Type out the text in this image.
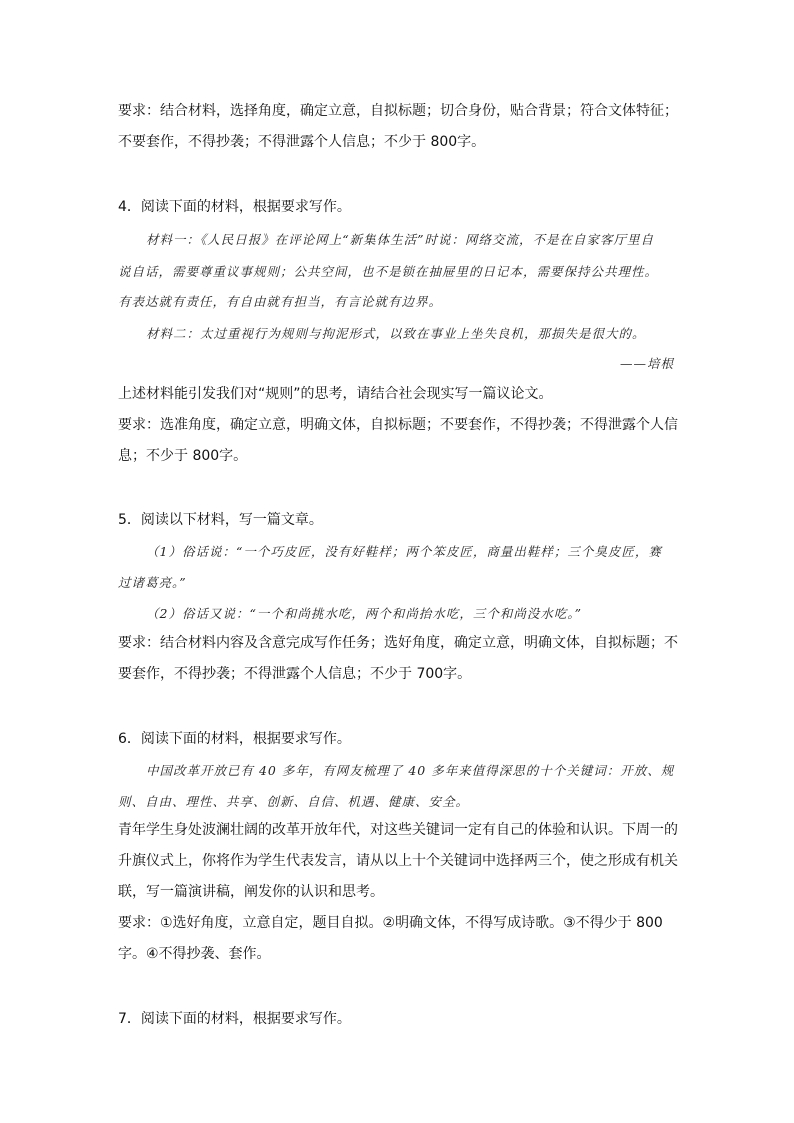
要求：结合材料，选择角度，确定立意，自拟标题；切合身份，贴合背景；符合文体特征；
不要套作，不得抄袭；不得泄露个人信息；不少于 800字。
4．阅读下面的材料，根据要求写作。
材料一：《人民日报》在评论网上“新集体生活”时说：网络交流，不是在自家客厅里自
说自话，需要尊重议事规则；公共空间，也不是锁在抽屉里的日记本，需要保持公共理性。
有表达就有责任，有自由就有担当，有言论就有边界。
材料二：太过重视行为规则与拘泥形式，以致在事业上坐失良机，那损失是很大的。
——培根
上述材料能引发我们对“规则”的思考，请结合社会现实写一篇议论文。
要求：选准角度，确定立意，明确文体，自拟标题；不要套作，不得抄袭；不得泄露个人信
息；不少于 800字。
5．阅读以下材料，写一篇文章。
（1）俗话说：“一个巧皮匠，没有好鞋样；两个笨皮匠，商量出鞋样；三个臭皮匠，赛
过诸葛亮。”
（2）俗话又说：“一个和尚挑水吃，两个和尚抬水吃，三个和尚没水吃。”
要求：结合材料内容及含意完成写作任务；选好角度，确定立意，明确文体，自拟标题；不
要套作，不得抄袭；不得泄露个人信息；不少于 700字。
6．阅读下面的材料，根据要求写作。
中国改革开放已有 40 多年，有网友梳理了 40 多年来值得深思的十个关键词：开放、规
则、自由、理性、共享、创新、自信、机遇、健康、安全。
青年学生身处波澜壮阔的改革开放年代，对这些关键词一定有自己的体验和认识。下周一的
升旗仪式上，你将作为学生代表发言，请从以上十个关键词中选择两三个，使之形成有机关
联，写一篇演讲稿，阐发你的认识和思考。
要求：①选好角度，立意自定，题目自拟。②明确文体，不得写成诗歌。③不得少于 800
字。④不得抄袭、套作。
7．阅读下面的材料，根据要求写作。
